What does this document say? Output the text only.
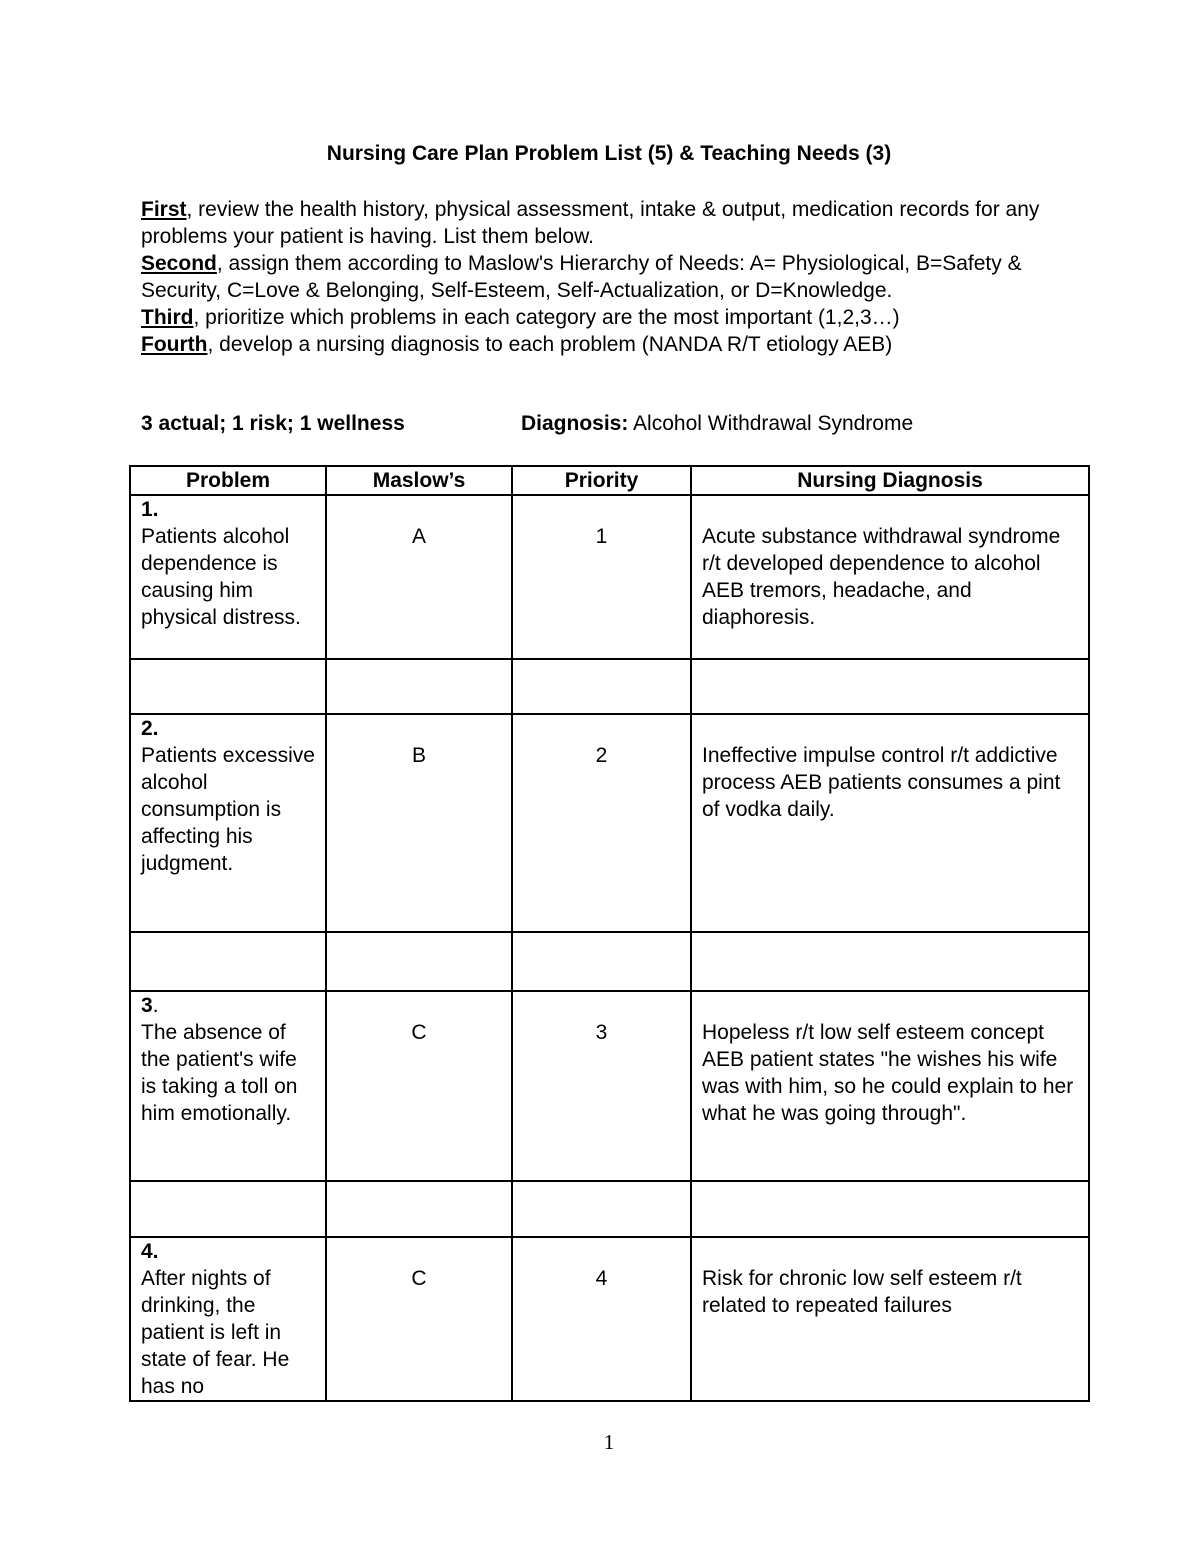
Nursing Care Plan Problem List (5) & Teaching Needs (3)

First, review the health history, physical assessment, intake & output, medication records for any problems your patient is having. List them below.

Second, assign them according to Maslow's Hierarchy of Needs: A= Physiological, B=Safety & Security, C=Love & Belonging, Self-Esteem, Self-Actualization, or D=Knowledge.

Third, prioritize which problems in each category are the most important (1,2,3…)

Fourth, develop a nursing diagnosis to each problem (NANDA R/T etiology AEB)

3 actual; 1 risk; 1 wellness	Diagnosis: Alcohol Withdrawal Syndrome
Problem	Maslow’s	Priority	Nursing Diagnosis

1.
Patients alcohol dependence is causing him physical distress.	A	1	Acute substance withdrawal syndrome r/t developed dependence to alcohol AEB tremors, headache, and diaphoresis.

2.
Patients excessive alcohol consumption is affecting his judgment.	B	2	Ineffective impulse control r/t addictive process AEB patients consumes a pint of vodka daily.

3.
The absence of the patient's wife is taking a toll on him emotionally.	C	3	Hopeless r/t low self esteem concept AEB patient states "he wishes his wife was with him, so he could explain to her what he was going through".

4.
After nights of drinking, the patient is left in state of fear. He has no	C	4	Risk for chronic low self esteem r/t related to repeated failures
1
